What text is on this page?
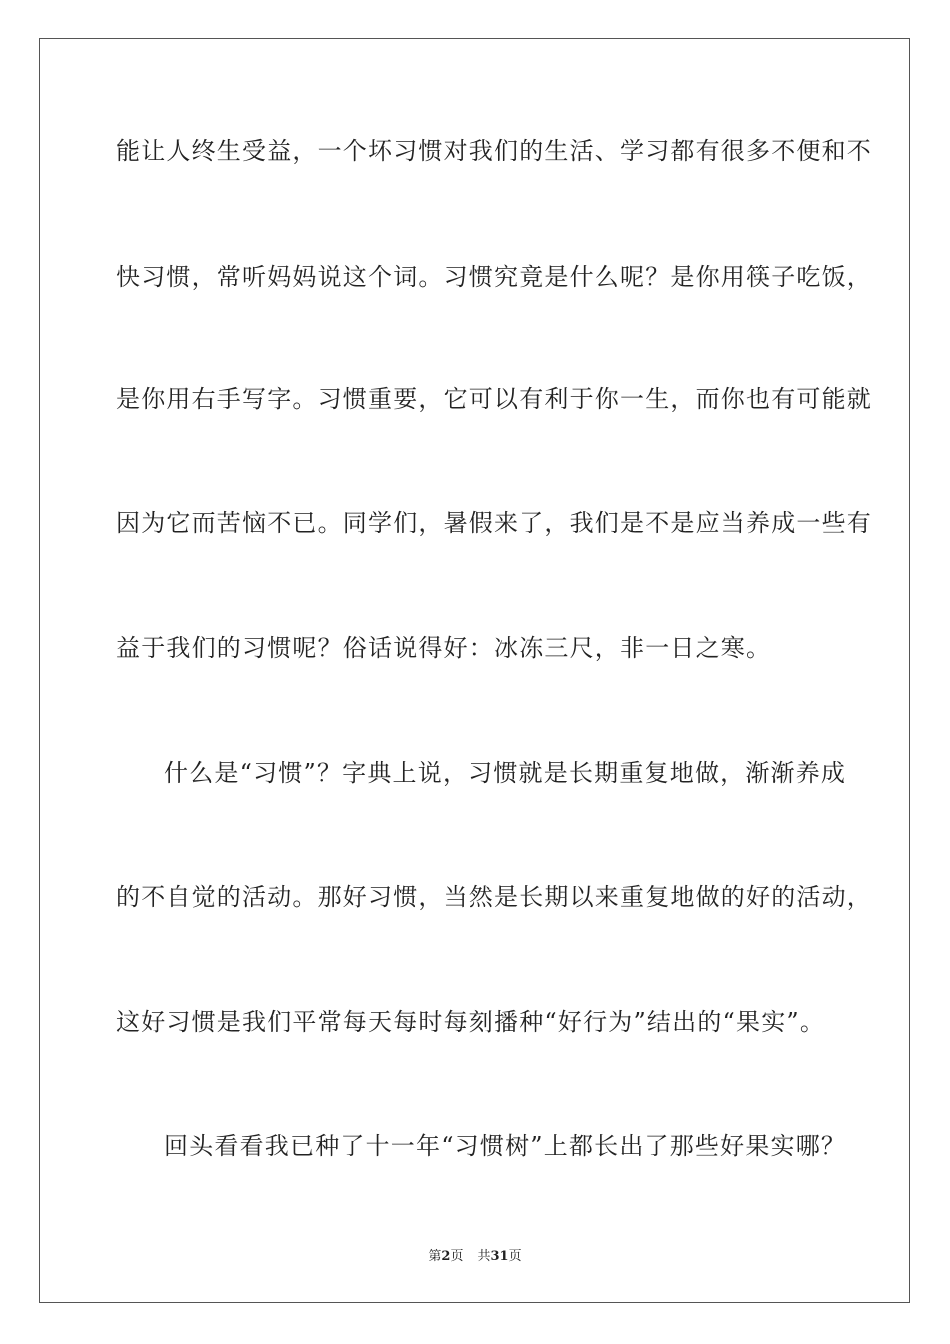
能让人终生受益，一个坏习惯对我们的生活、学习都有很多不便和不
快习惯，常听妈妈说这个词。习惯究竟是什么呢？是你用筷子吃饭，
是你用右手写字。习惯重要，它可以有利于你一生，而你也有可能就
因为它而苦恼不已。同学们，暑假来了，我们是不是应当养成一些有
益于我们的习惯呢？俗话说得好：冰冻三尺，非一日之寒。
什么是“习惯”？字典上说，习惯就是长期重复地做，渐渐养成
的不自觉的活动。那好习惯，当然是长期以来重复地做的好的活动，
这好习惯是我们平常每天每时每刻播种“好行为”结出的“果实”。
回头看看我已种了十一年“习惯树”上都长出了那些好果实哪？
第2页 共31页
